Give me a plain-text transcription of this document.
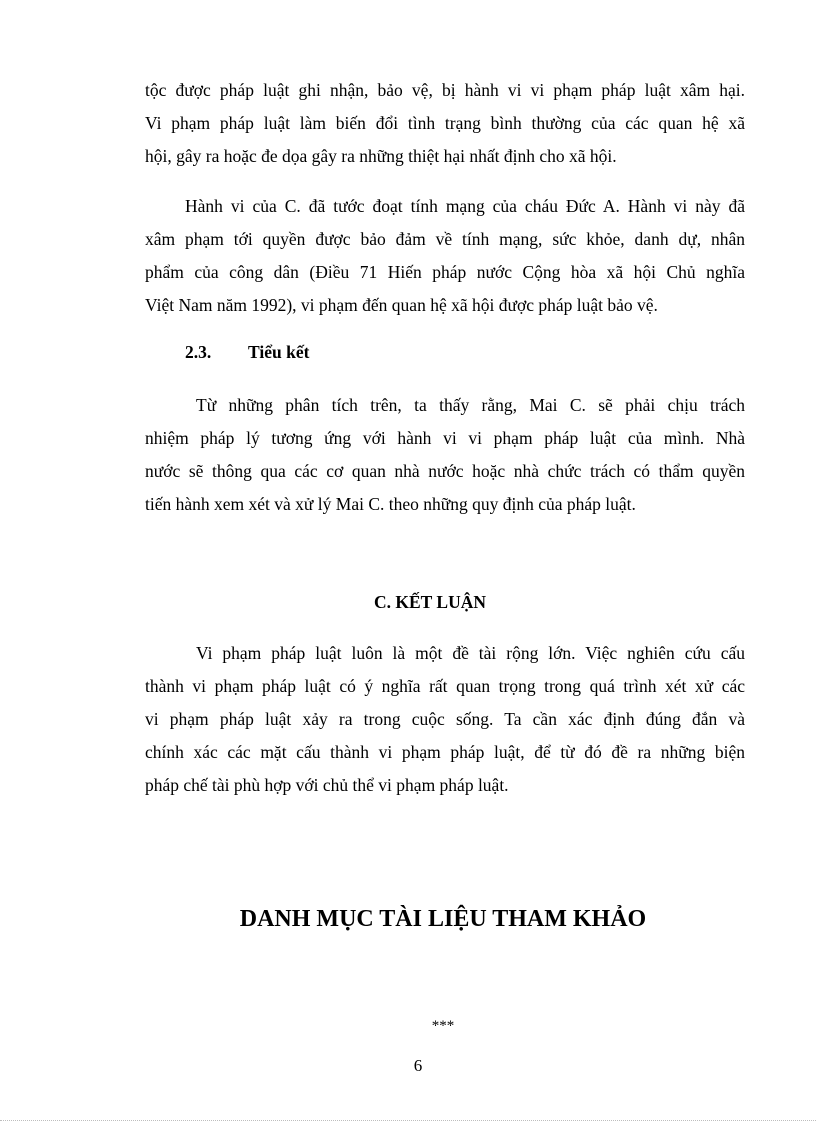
tộc được pháp luật ghi nhận, bảo vệ, bị hành vi vi phạm pháp luật xâm hại.
Vi phạm pháp luật làm biến đổi tình trạng bình thường của các quan hệ xã
hội, gây ra hoặc đe dọa gây ra những thiệt hại nhất định cho xã hội.
Hành vi của C. đã tước đoạt tính mạng của cháu Đức A. Hành vi này đã
xâm phạm tới quyền được bảo đảm về tính mạng, sức khỏe, danh dự, nhân
phẩm của công dân (Điều 71 Hiến pháp nước Cộng hòa xã hội Chủ nghĩa
Việt Nam năm 1992), vi phạm đến quan hệ xã hội được pháp luật bảo vệ.
2.3. Tiểu kết
Từ những phân tích trên, ta thấy rằng, Mai C. sẽ phải chịu trách
nhiệm pháp lý tương ứng với hành vi vi phạm pháp luật của mình. Nhà
nước sẽ thông qua các cơ quan nhà nước hoặc nhà chức trách có thẩm quyền
tiến hành xem xét và xử lý Mai C. theo những quy định của pháp luật.
C. KẾT LUẬN
Vi phạm pháp luật luôn là một đề tài rộng lớn. Việc nghiên cứu cấu
thành vi phạm pháp luật có ý nghĩa rất quan trọng trong quá trình xét xử các
vi phạm pháp luật xảy ra trong cuộc sống. Ta cần xác định đúng đắn và
chính xác các mặt cấu thành vi phạm pháp luật, để từ đó đề ra những biện
pháp chế tài phù hợp với chủ thể vi phạm pháp luật.
DANH MỤC TÀI LIỆU THAM KHẢO
***
6
